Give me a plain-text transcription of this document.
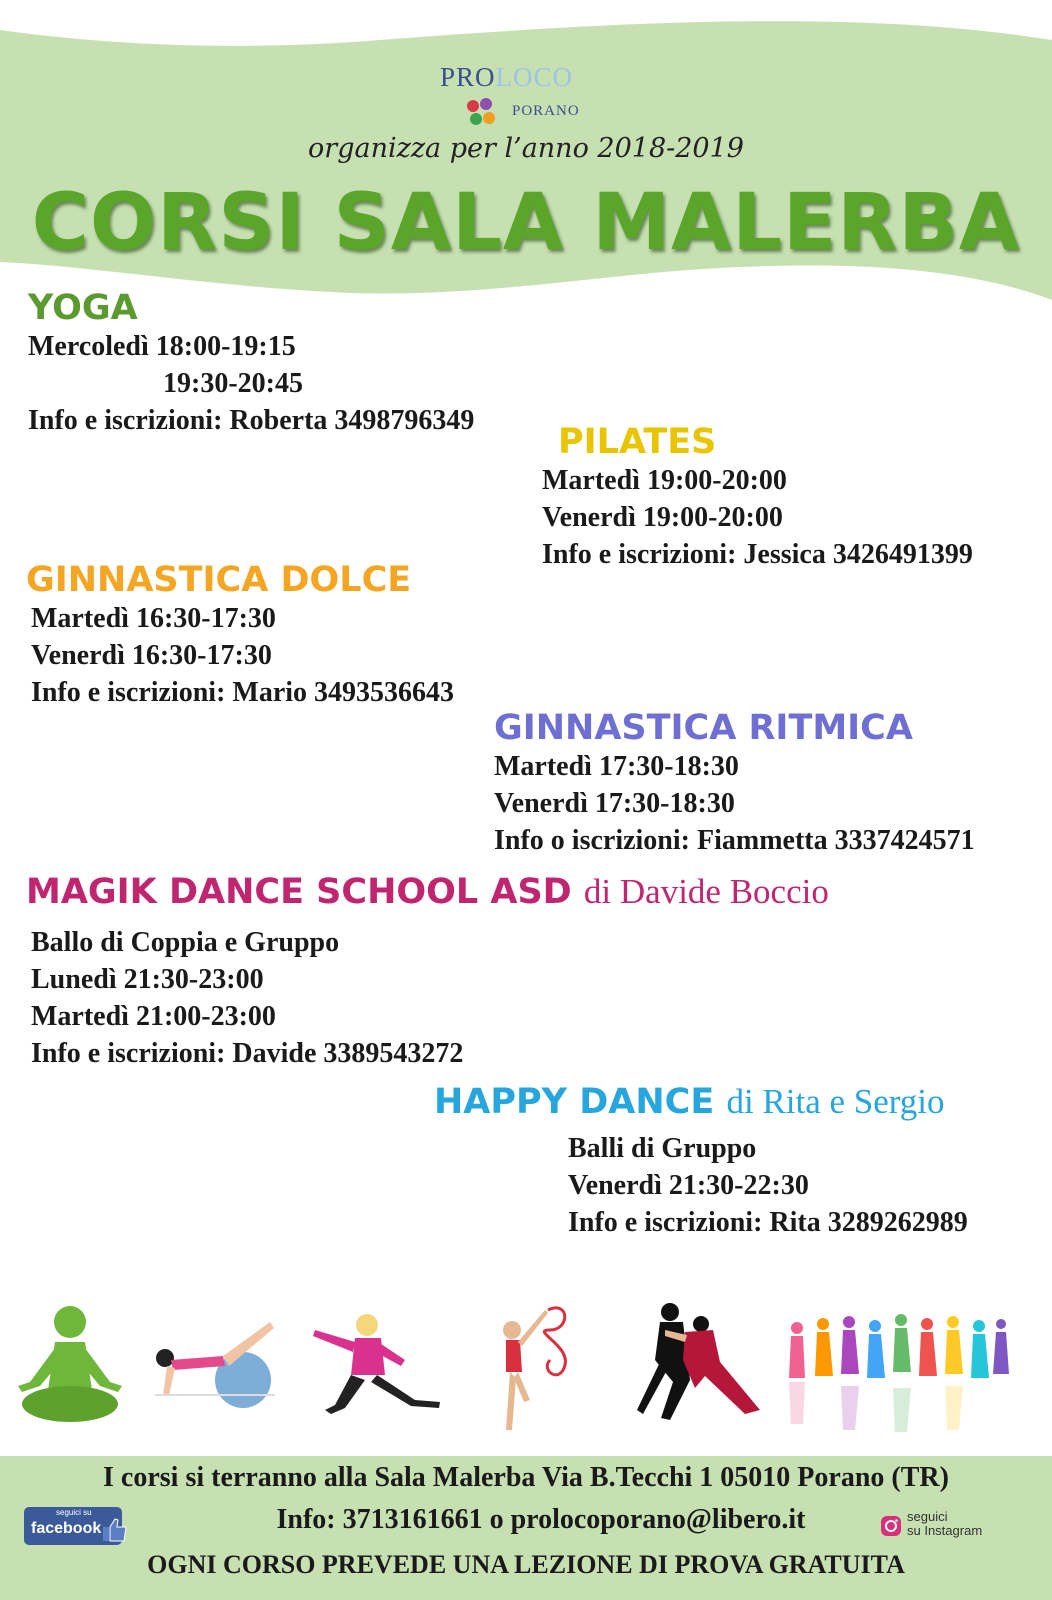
PROLOCO
PORANO
organizza per l’anno 2018-2019
CORSI SALA MALERBA
YOGA
Mercoledì 18:00-19:15
19:30-20:45
Info e iscrizioni: Roberta 3498796349
PILATES
Martedì 19:00-20:00
Venerdì 19:00-20:00
Info e iscrizioni: Jessica 3426491399
GINNASTICA DOLCE
Martedì 16:30-17:30
Venerdì 16:30-17:30
Info e iscrizioni: Mario 3493536643
GINNASTICA RITMICA
Martedì 17:30-18:30
Venerdì 17:30-18:30
Info o iscrizioni: Fiammetta 3337424571
MAGIK DANCE SCHOOL ASD di Davide Boccio
Ballo di Coppia e Gruppo
Lunedì 21:30-23:00
Martedì 21:00-23:00
Info e iscrizioni: Davide 3389543272
HAPPY DANCE di Rita e Sergio
Balli di Gruppo
Venerdì 21:30-22:30
Info e iscrizioni: Rita 3289262989
I corsi si terranno alla Sala Malerba Via B.Tecchi 1 05010 Porano (TR)
Info: 3713161661 o prolocoporano@libero.it
OGNI CORSO PREVEDE UNA LEZIONE DI PROVA GRATUITA
seguici su
facebook
seguici
su Instagram
